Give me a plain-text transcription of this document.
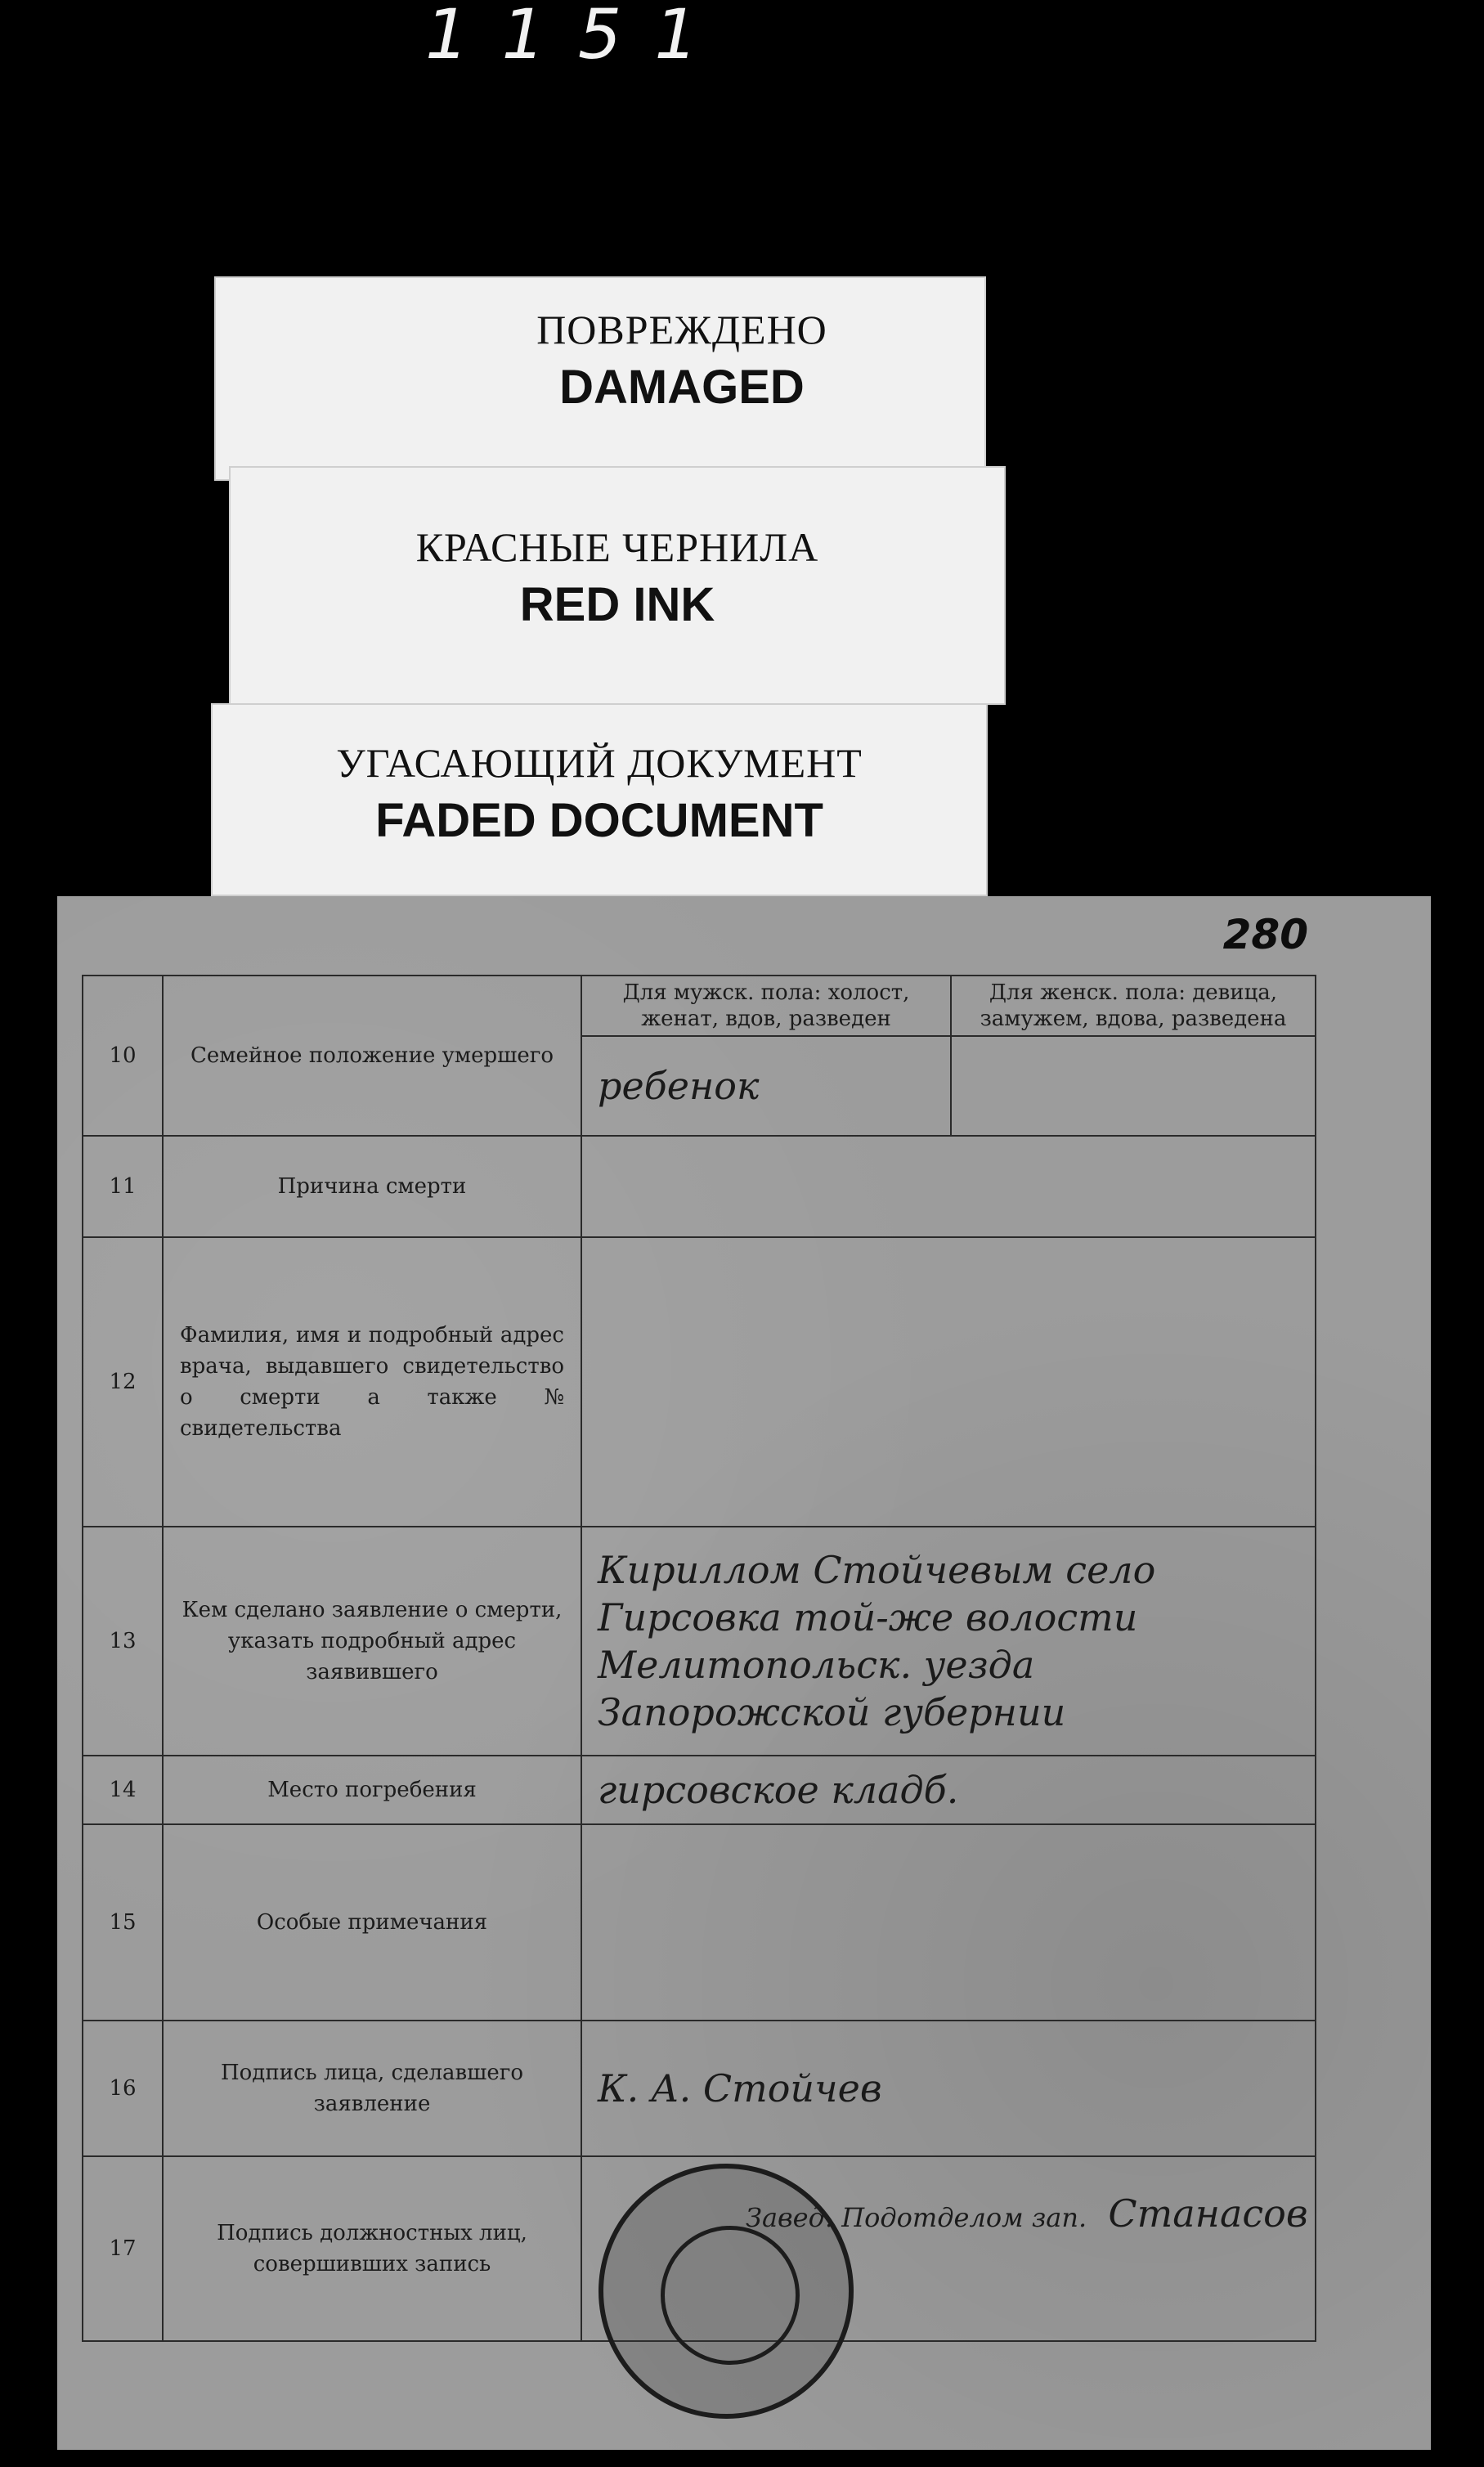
1151
ПОВРЕЖДЕНО
DAMAGED
КРАСНЫЕ ЧЕРНИЛА
RED INK
УГАСАЮЩИЙ ДОКУМЕНТ
FADED DOCUMENT
280
10	Семейное положение умершего	Для мужск. пола: холост, женат, вдов, разведен	Для женск. пола: девица, замужем, вдова, разведена

		ребенок	

11	Причина смерти		

12	Фамилия, имя и подробный адрес врача, выдавшего свидетельство о смерти а также № свидетельства		

13	Кем сделано заявление о смерти, указать подробный адрес заявившего	Кириллом Стойчевым село Гирсовка той-же волости Мелитопольск. уезда Запорожской губернии	

14	Место погребения	гирсовское кладб.	

15	Особые примечания		

16	Подпись лица, сделавшего заявление	К. А. Стойчев	

17	Подпись должностных лиц, совершивших запись	Завед. Подотделом зап. Станасов	
